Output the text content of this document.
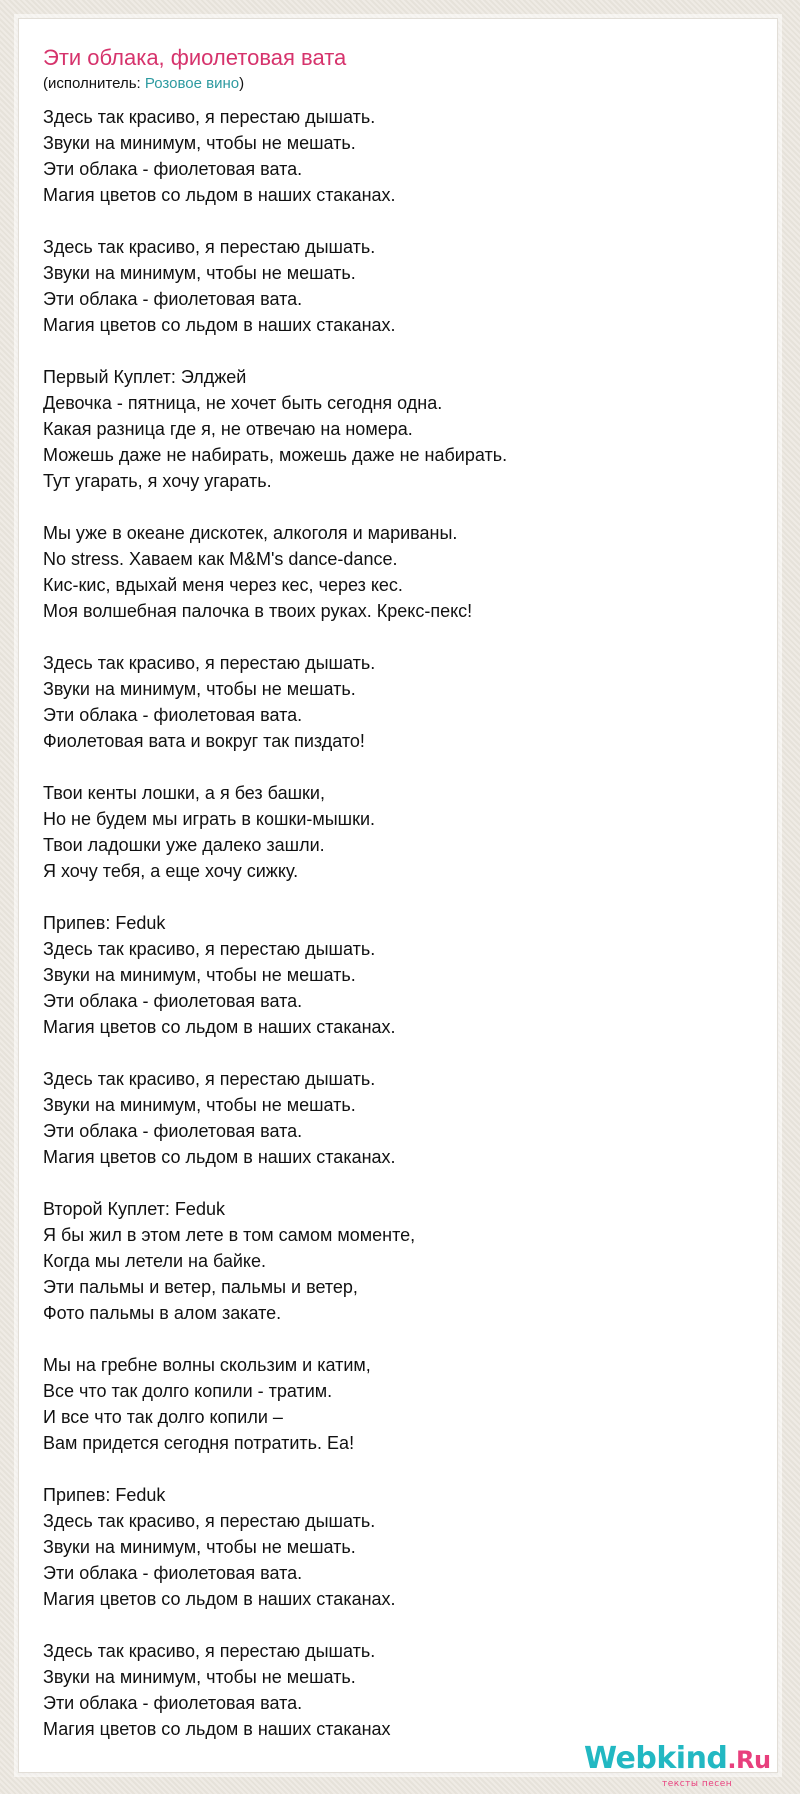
Эти облака, фиолетовая вата
(исполнитель: Розовое вино)
Здесь так красиво, я перестаю дышать.
Звуки на минимум, чтобы не мешать.
Эти облака - фиолетовая вата.
Магия цветов со льдом в наших стаканах.
Здесь так красиво, я перестаю дышать.
Звуки на минимум, чтобы не мешать.
Эти облака - фиолетовая вата.
Магия цветов со льдом в наших стаканах.
Первый Куплет: Элджей
Девочка - пятница, не хочет быть сегодня одна.
Какая разница где я, не отвечаю на номера.
Можешь даже не набирать, можешь даже не набирать.
Тут угарать, я хочу угарать.
Мы уже в океане дискотек, алкоголя и мариваны.
No stress. Хаваем как M&M's dance-dance.
Кис-кис, вдыхай меня через кес, через кес.
Моя волшебная палочка в твоих руках. Крекс-пекс!
Здесь так красиво, я перестаю дышать.
Звуки на минимум, чтобы не мешать.
Эти облака - фиолетовая вата.
Фиолетовая вата и вокруг так пиздато!
Твои кенты лошки, а я без башки,
Но не будем мы играть в кошки-мышки.
Твои ладошки уже далеко зашли.
Я хочу тебя, а еще хочу сижку.
Припев: Feduk
Здесь так красиво, я перестаю дышать.
Звуки на минимум, чтобы не мешать.
Эти облака - фиолетовая вата.
Магия цветов со льдом в наших стаканах.
Здесь так красиво, я перестаю дышать.
Звуки на минимум, чтобы не мешать.
Эти облака - фиолетовая вата.
Магия цветов со льдом в наших стаканах.
Второй Куплет: Feduk
Я бы жил в этом лете в том самом моменте,
Когда мы летели на байке.
Эти пальмы и ветер, пальмы и ветер,
Фото пальмы в алом закате.
Мы на гребне волны скользим и катим,
Все что так долго копили - тратим.
И все что так долго копили –
Вам придется сегодня потратить. Еа!
Припев: Feduk
Здесь так красиво, я перестаю дышать.
Звуки на минимум, чтобы не мешать.
Эти облака - фиолетовая вата.
Магия цветов со льдом в наших стаканах.
Здесь так красиво, я перестаю дышать.
Звуки на минимум, чтобы не мешать.
Эти облака - фиолетовая вата.
Магия цветов со льдом в наших стаканах
Webkind.Ru
тексты песен
